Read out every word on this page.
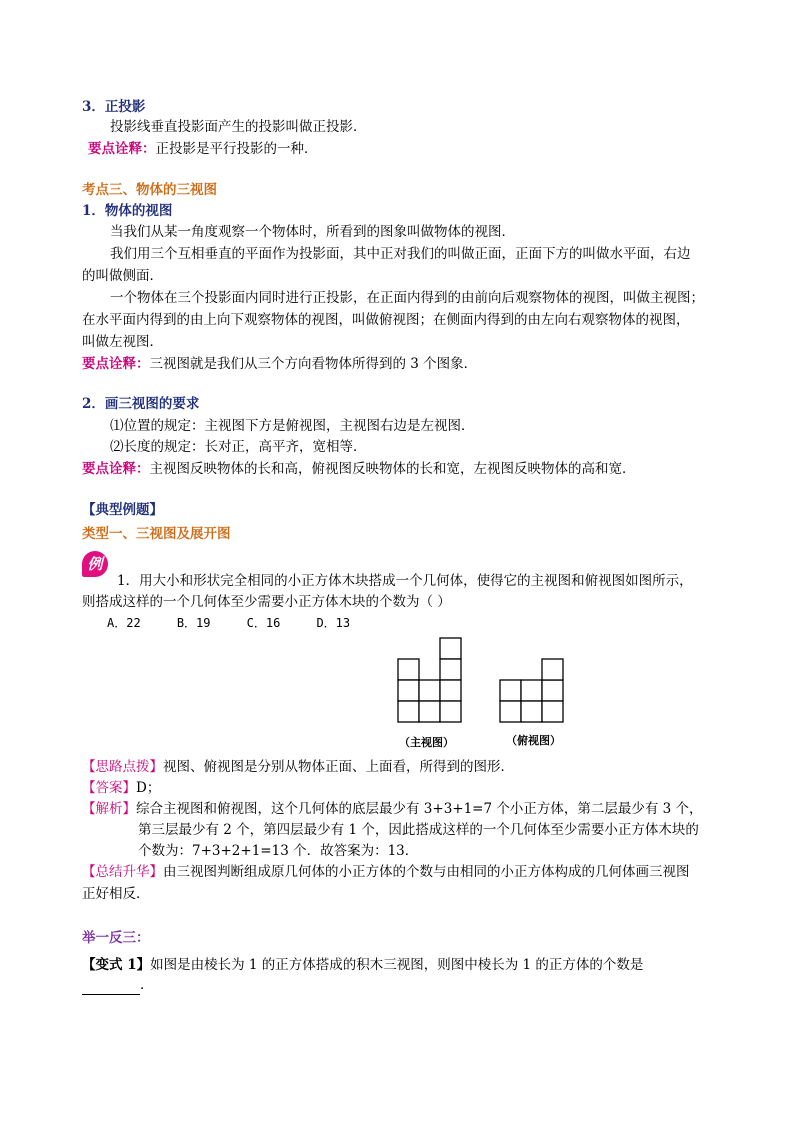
3．正投影
投影线垂直投影面产生的投影叫做正投影．
要点诠释：正投影是平行投影的一种．
考点三、物体的三视图
1．物体的视图
当我们从某一角度观察一个物体时，所看到的图象叫做物体的视图．
我们用三个互相垂直的平面作为投影面，其中正对我们的叫做正面，正面下方的叫做水平面，右边
的叫做侧面．
一个物体在三个投影面内同时进行正投影，在正面内得到的由前向后观察物体的视图，叫做主视图；
在水平面内得到的由上向下观察物体的视图，叫做俯视图；在侧面内得到的由左向右观察物体的视图，
叫做左视图．
要点诠释：三视图就是我们从三个方向看物体所得到的 3 个图象．
2．画三视图的要求
⑴位置的规定：主视图下方是俯视图，主视图右边是左视图．
⑵长度的规定：长对正，高平齐，宽相等．
要点诠释：主视图反映物体的长和高，俯视图反映物体的长和宽，左视图反映物体的高和宽．
【典型例题】
类型一、三视图及展开图
例
1．用大小和形状完全相同的小正方体木块搭成一个几何体，使得它的主视图和俯视图如图所示，
则搭成这样的一个几何体至少需要小正方体木块的个数为（ ）
A．22	B．19	C．16	D．13
（主视图）	（俯视图）
【思路点拨】视图、俯视图是分别从物体正面、上面看，所得到的图形．
【答案】D；
【解析】综合主视图和俯视图，这个几何体的底层最少有 3+3+1=7 个小正方体，第二层最少有 3 个，
第三层最少有 2 个，第四层最少有 1 个，因此搭成这样的一个几何体至少需要小正方体木块的
个数为：7+3+2+1=13 个．故答案为：13．
【总结升华】由三视图判断组成原几何体的小正方体的个数与由相同的小正方体构成的几何体画三视图
正好相反．
举一反三：
【变式 1】如图是由棱长为 1 的正方体搭成的积木三视图，则图中棱长为 1 的正方体的个数是
．
